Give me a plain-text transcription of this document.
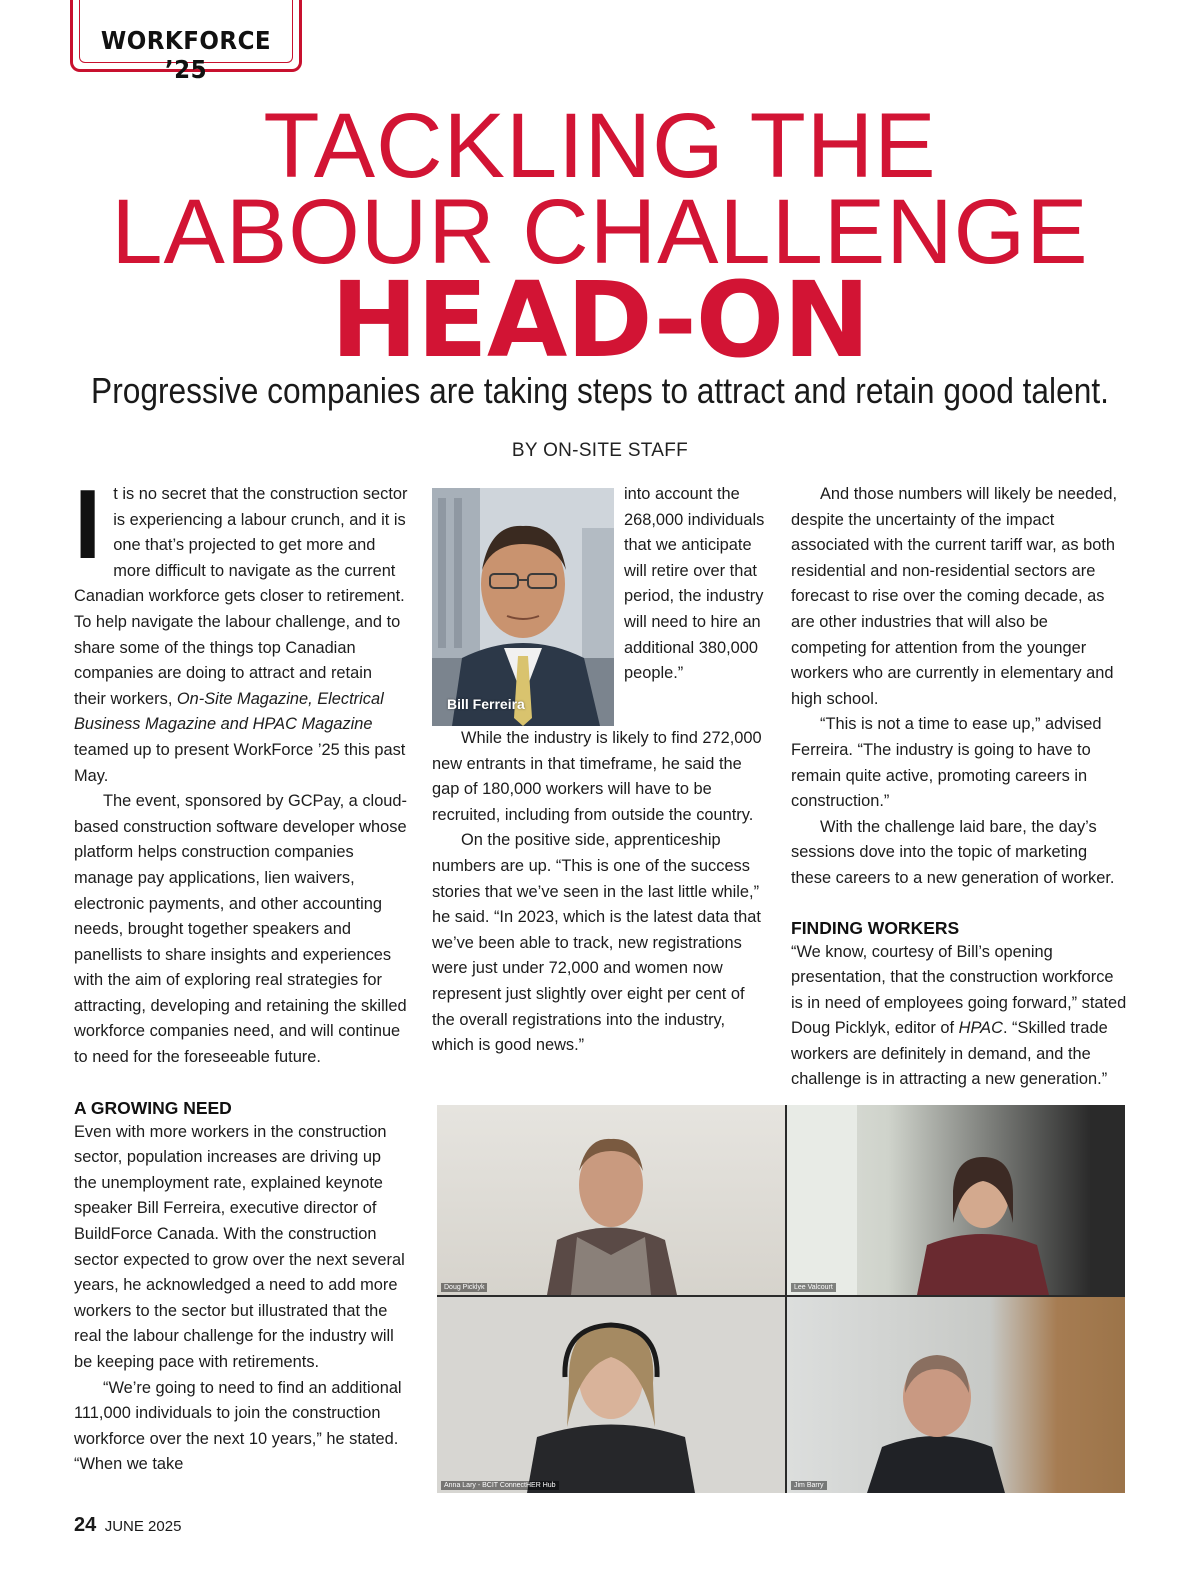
WORKFORCE ’25
TACKLING THE
LABOUR CHALLENGE
HEAD-ON
Progressive companies are taking steps to attract and retain good talent.
BY ON-SITE STAFF

It is no secret that the construction sector is experiencing a labour crunch, and it is one that’s projected to get more and more difficult to navigate as the current Canadian workforce gets closer to retirement. To help navigate the labour challenge, and to share some of the things top Canadian companies are doing to attract and retain their workers, On-Site Magazine, Electrical Business Magazine and HPAC Magazine teamed up to present WorkForce ’25 this past May.

The event, sponsored by GCPay, a cloud-based construction software developer whose platform helps construction companies manage pay applications, lien waivers, electronic payments, and other accounting needs, brought together speakers and panellists to share insights and experiences with the aim of exploring real strategies for attracting, developing and retaining the skilled workforce companies need, and will continue to need for the foreseeable future.

A GROWING NEED

Even with more workers in the construction sector, population increases are driving up the unemployment rate, explained keynote speaker Bill Ferreira, executive director of BuildForce Canada. With the construction sector expected to grow over the next several years, he acknowledged a need to add more workers to the sector but illustrated that the real the labour challenge for the industry will be keeping pace with retirements.

“We’re going to need to find an additional 111,000 individuals to join the construction workforce over the next 10 years,” he stated. “When we take

Bill Ferreira

into account the 268,000 individuals that we anticipate will retire over that period, the industry will need to hire an additional 380,000 people.”

While the industry is likely to find 272,000 new entrants in that timeframe, he said the gap of 180,000 workers will have to be recruited, including from outside the country.

On the positive side, apprenticeship numbers are up. “This is one of the success stories that we’ve seen in the last little while,” he said. “In 2023, which is the latest data that we’ve been able to track, new registrations were just under 72,000 and women now represent just slightly over eight per cent of the overall registrations into the industry, which is good news.”

And those numbers will likely be needed, despite the uncertainty of the impact associated with the current tariff war, as both residential and non-residential sectors are forecast to rise over the coming decade, as are other industries that will also be competing for attention from the younger workers who are currently in elementary and high school.

“This is not a time to ease up,” advised Ferreira. “The industry is going to have to remain quite active, promoting careers in construction.”

With the challenge laid bare, the day’s sessions dove into the topic of marketing these careers to a new generation of worker.

FINDING WORKERS

“We know, courtesy of Bill’s opening presentation, that the construction workforce is in need of employees going forward,” stated Doug Picklyk, editor of HPAC. “Skilled trade workers are definitely in demand, and the challenge is in attracting a new generation.”

Doug Picklyk	Lee Valcourt
Anna Lary - BCIT ConnectHER Hub	Jim Barry
24 JUNE 2025
